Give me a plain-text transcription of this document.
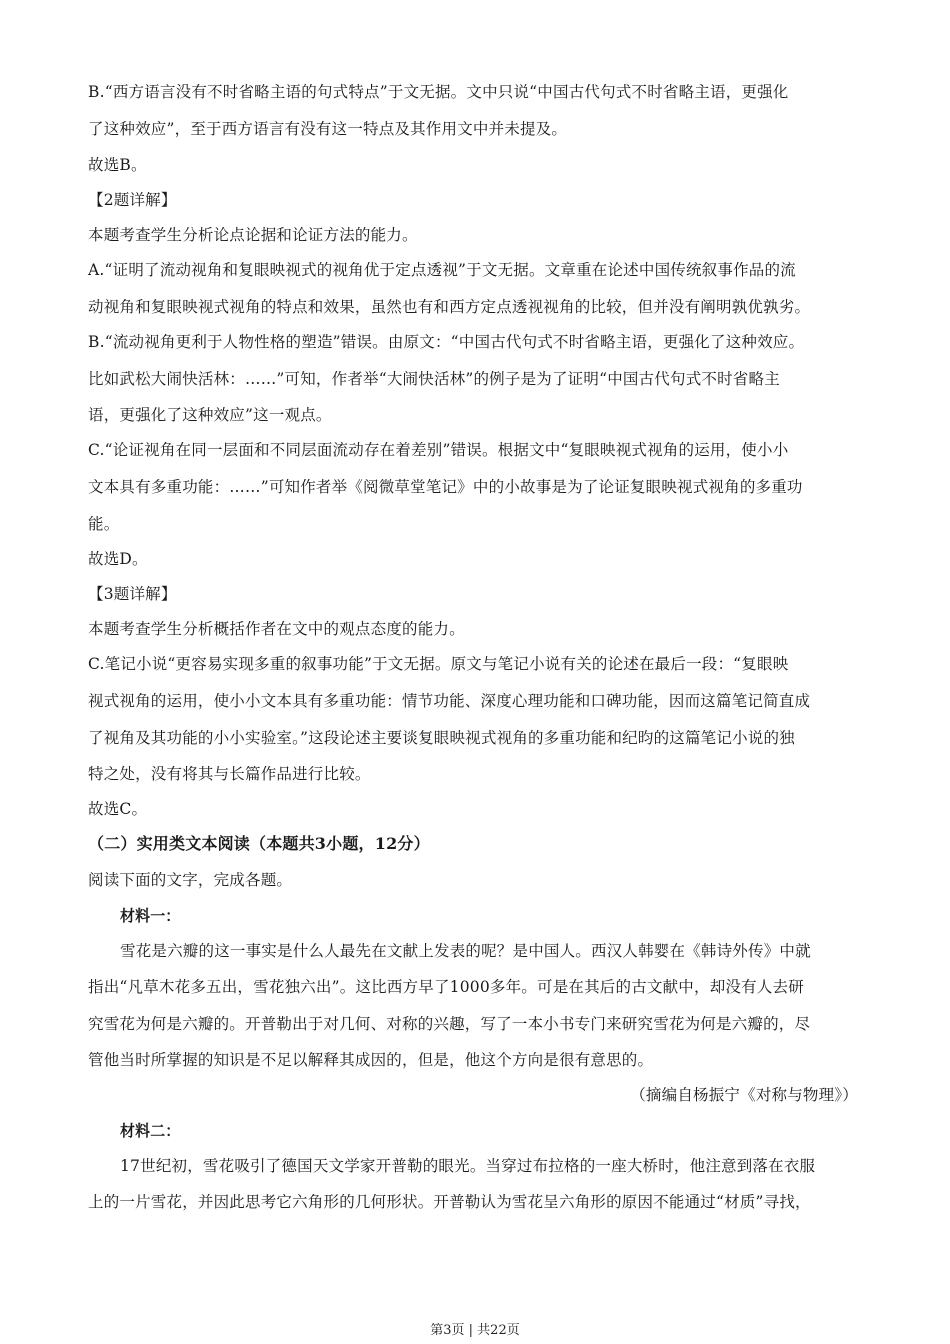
B.“西方语言没有不时省略主语的句式特点”于文无据。文中只说“中国古代句式不时省略主语，更强化
了这种效应”，至于西方语言有没有这一特点及其作用文中并未提及。
故选B。
【2题详解】
本题考查学生分析论点论据和论证方法的能力。
A.“证明了流动视角和复眼映视式的视角优于定点透视”于文无据。文章重在论述中国传统叙事作品的流
动视角和复眼映视式视角的特点和效果，虽然也有和西方定点透视视角的比较，但并没有阐明孰优孰劣。
B.“流动视角更利于人物性格的塑造”错误。由原文：“中国古代句式不时省略主语，更强化了这种效应。
比如武松大闹快活林：……”可知，作者举“大闹快活林”的例子是为了证明“中国古代句式不时省略主
语，更强化了这种效应”这一观点。
C.“论证视角在同一层面和不同层面流动存在着差别”错误。根据文中“复眼映视式视角的运用，使小小
文本具有多重功能：……”可知作者举《阅微草堂笔记》中的小故事是为了论证复眼映视式视角的多重功
能。
故选D。
【3题详解】
本题考查学生分析概括作者在文中的观点态度的能力。
C.笔记小说“更容易实现多重的叙事功能”于文无据。原文与笔记小说有关的论述在最后一段：“复眼映
视式视角的运用，使小小文本具有多重功能：情节功能、深度心理功能和口碑功能，因而这篇笔记简直成
了视角及其功能的小小实验室。”这段论述主要谈复眼映视式视角的多重功能和纪昀的这篇笔记小说的独
特之处，没有将其与长篇作品进行比较。
故选C。
（二）实用类文本阅读（本题共3小题，12分）
阅读下面的文字，完成各题。
材料一：
雪花是六瓣的这一事实是什么人最先在文献上发表的呢？是中国人。西汉人韩婴在《韩诗外传》中就
指出“凡草木花多五出，雪花独六出”。这比西方早了1000多年。可是在其后的古文献中，却没有人去研
究雪花为何是六瓣的。开普勒出于对几何、对称的兴趣，写了一本小书专门来研究雪花为何是六瓣的，尽
管他当时所掌握的知识是不足以解释其成因的，但是，他这个方向是很有意思的。
（摘编自杨振宁《对称与物理》）
材料二：
17世纪初，雪花吸引了德国天文学家开普勒的眼光。当穿过布拉格的一座大桥时，他注意到落在衣服
上的一片雪花，并因此思考它六角形的几何形状。开普勒认为雪花呈六角形的原因不能通过“材质”寻找，
第3页 | 共22页
